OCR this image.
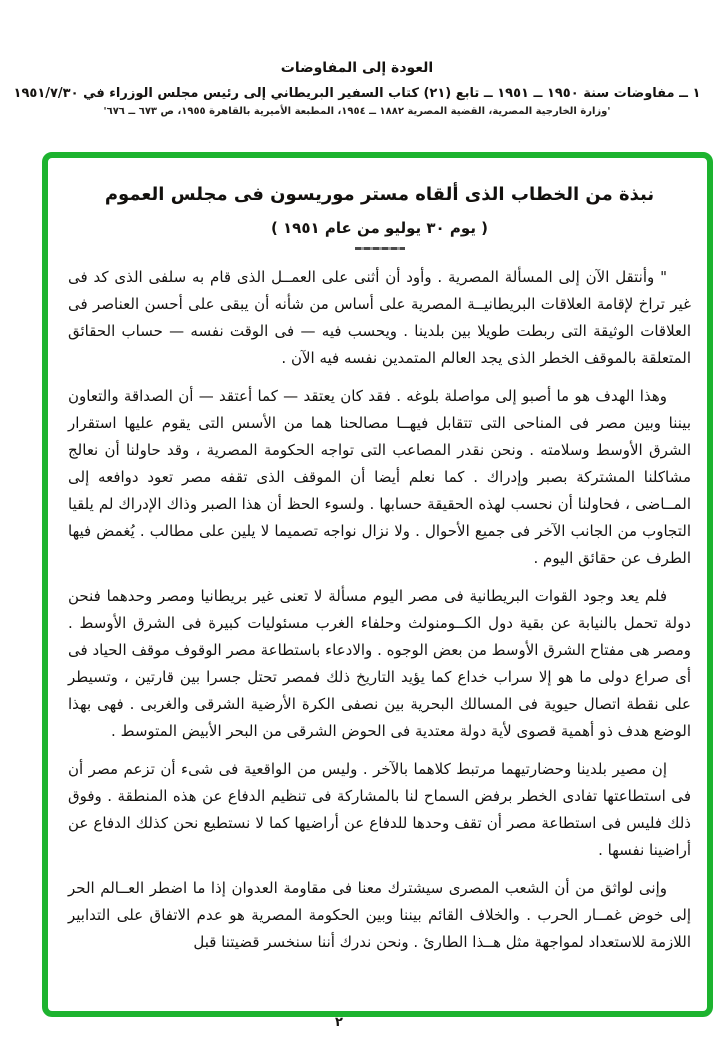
العودة إلى المفاوضات
١ ــ مفاوضات سنة ١٩٥٠ ــ ١٩٥١ ــ تابع (٢١) كتاب السفير البريطاني إلى رئيس مجلس الوزراء في ١٩٥١/٧/٣٠
'وزارة الخارجية المصرية، القضية المصرية ١٨٨٢ ــ ١٩٥٤، المطبعة الأميرية بالقاهرة ١٩٥٥، ص ٦٧٣ ــ ٦٧٦'
نبذة من الخطاب الذى ألقاه مستر موريسون فى مجلس العموم
( يوم ٣٠ يوليو من عام ١٩٥١ )

" وأنتقل الآن إلى المسألة المصرية . وأود أن أثنى على العمــل الذى قام به سلفى الذى كد فى غير تراخ لإقامة العلاقات البريطانيــة المصرية على أساس من شأنه أن يبقى على أحسن العناصر فى العلاقات الوثيقة التى ربطت طويلا بين بلدينا . ويحسب فيه — فى الوقت نفسه — حساب الحقائق المتعلقة بالموقف الخطر الذى يجد العالم المتمدين نفسه فيه الآن .

وهذا الهدف هو ما أصبو إلى مواصلة بلوغه . فقد كان يعتقد — كما أعتقد — أن الصداقة والتعاون بيننا وبين مصر فى المناحى التى تتقابل فيهــا مصالحنا هما من الأسس التى يقوم عليها استقرار الشرق الأوسط وسلامته . ونحن نقدر المصاعب التى تواجه الحكومة المصرية ، وقد حاولنا أن نعالج مشاكلنا المشتركة بصبر وإدراك . كما نعلم أيضا أن الموقف الذى تقفه مصر تعود دوافعه إلى المــاضى ، فحاولنا أن نحسب لهذه الحقيقة حسابها . ولسوء الحظ أن هذا الصبر وذاك الإدراك لم يلقيا التجاوب من الجانب الآخر فى جميع الأحوال . ولا نزال نواجه تصميما لا يلين على مطالب . يُغمض فيها الطرف عن حقائق اليوم .

فلم يعد وجود القوات البريطانية فى مصر اليوم مسألة لا تعنى غير بريطانيا ومصر وحدهما فنحن دولة تحمل بالنيابة عن بقية دول الكــومنولث وحلفاء الغرب مسئوليات كبيرة فى الشرق الأوسط . ومصر هى مفتاح الشرق الأوسط من بعض الوجوه . والادعاء باستطاعة مصر الوقوف موقف الحياد فى أى صراع دولى ما هو إلا سراب خداع كما يؤيد التاريخ ذلك فمصر تحتل جسرا بين قارتين ، وتسيطر على نقطة اتصال حيوية فى المسالك البحرية بين نصفى الكرة الأرضية الشرقى والغربى . فهى بهذا الوضع هدف ذو أهمية قصوى لأية دولة معتدية فى الحوض الشرقى من البحر الأبيض المتوسط .

إن مصير بلدينا وحضارتيهما مرتبط كلاهما بالآخر . وليس من الواقعية فى شىء أن تزعم مصر أن فى استطاعتها تفادى الخطر برفض السماح لنا بالمشاركة فى تنظيم الدفاع عن هذه المنطقة . وفوق ذلك فليس فى استطاعة مصر أن تقف وحدها للدفاع عن أراضيها كما لا نستطيع نحن كذلك الدفاع عن أراضينا نفسها .

وإنى لواثق من أن الشعب المصرى سيشترك معنا فى مقاومة العدوان إذا ما اضطر العــالم الحر إلى خوض غمــار الحرب . والخلاف القائم بيننا وبين الحكومة المصرية هو عدم الاتفاق على التدابير اللازمة للاستعداد لمواجهة مثل هــذا الطارئ . ونحن ندرك أننا سنخسر قضيتنا قبل

٢
